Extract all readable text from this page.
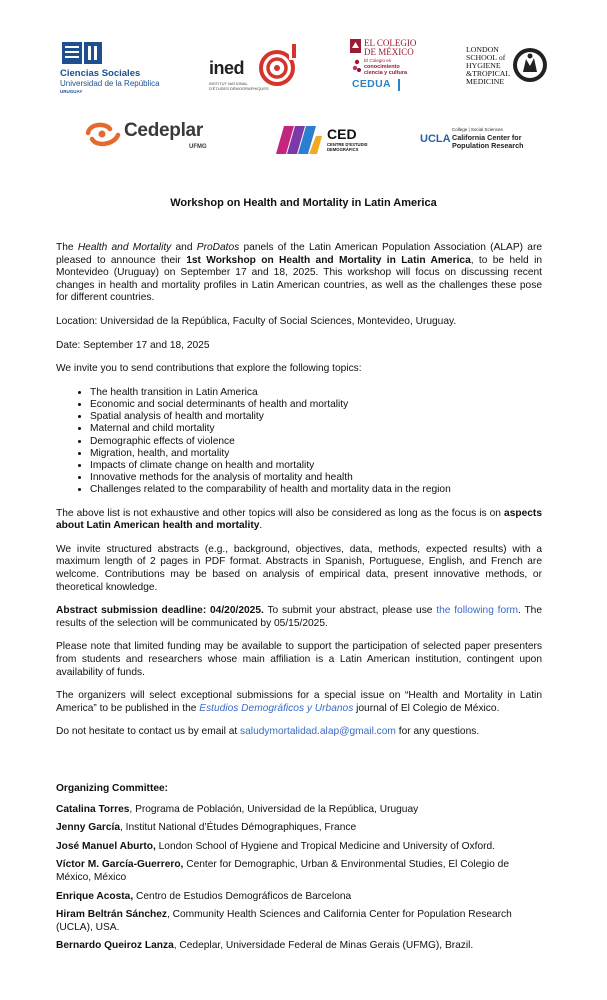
Ciencias Sociales
Universidad de la República
URUGUAY
ined
INSTITUT NATIONAL
D'ÉTUDES DÉMOGRAPHIQUES
EL COLEGIO
DE MÉXICO
El Colegio es
conocimiento
ciencia y cultura
CEDUA
LONDON
SCHOOL of
HYGIENE
&TROPICAL
MEDICINE
Cedeplar
UFMG
CED
CENTRE D'ESTUDIS
DEMOGRÀFICS
UCLA
College | Social Sciences
California Center for
Population Research
Workshop on Health and Mortality in Latin America

The Health and Mortality and ProDatos panels of the Latin American Population Association (ALAP) are pleased to announce their 1st Workshop on Health and Mortality in Latin America, to be held in Montevideo (Uruguay) on September 17 and 18, 2025. This workshop will focus on discussing recent changes in health and mortality profiles in Latin American countries, as well as the challenges these pose for different countries.

Location: Universidad de la República, Faculty of Social Sciences, Montevideo, Uruguay.

Date: September 17 and 18, 2025

We invite you to send contributions that explore the following topics:

• The health transition in Latin America
• Economic and social determinants of health and mortality
• Spatial analysis of health and mortality
• Maternal and child mortality
• Demographic effects of violence
• Migration, health, and mortality
• Impacts of climate change on health and mortality
• Innovative methods for the analysis of mortality and health
• Challenges related to the comparability of health and mortality data in the region

The above list is not exhaustive and other topics will also be considered as long as the focus is on aspects about Latin American health and mortality.

We invite structured abstracts (e.g., background, objectives, data, methods, expected results) with a maximum length of 2 pages in PDF format. Abstracts in Spanish, Portuguese, English, and French are welcome. Contributions may be based on analysis of empirical data, present innovative methods, or theoretical knowledge.

Abstract submission deadline: 04/20/2025. To submit your abstract, please use the following form. The results of the selection will be communicated by 05/15/2025.

Please note that limited funding may be available to support the participation of selected paper presenters from students and researchers whose main affiliation is a Latin American institution, contingent upon availability of funds.

The organizers will select exceptional submissions for a special issue on “Health and Mortality in Latin America” to be published in the Estudios Demográficos y Urbanos journal of El Colegio de México.

Do not hesitate to contact us by email at saludymortalidad.alap@gmail.com for any questions.

Organizing Committee:
Catalina Torres, Programa de Población, Universidad de la República, Uruguay
Jenny García, Institut National d’Études Démographiques, France
José Manuel Aburto, London School of Hygiene and Tropical Medicine and University of Oxford.
Víctor M. García-Guerrero, Center for Demographic, Urban & Environmental Studies, El Colegio de México, México
Enrique Acosta, Centro de Estudios Demográficos de Barcelona
Hiram Beltrán Sánchez, Community Health Sciences and California Center for Population Research (UCLA), USA.
Bernardo Queiroz Lanza, Cedeplar, Universidade Federal de Minas Gerais (UFMG), Brazil.
